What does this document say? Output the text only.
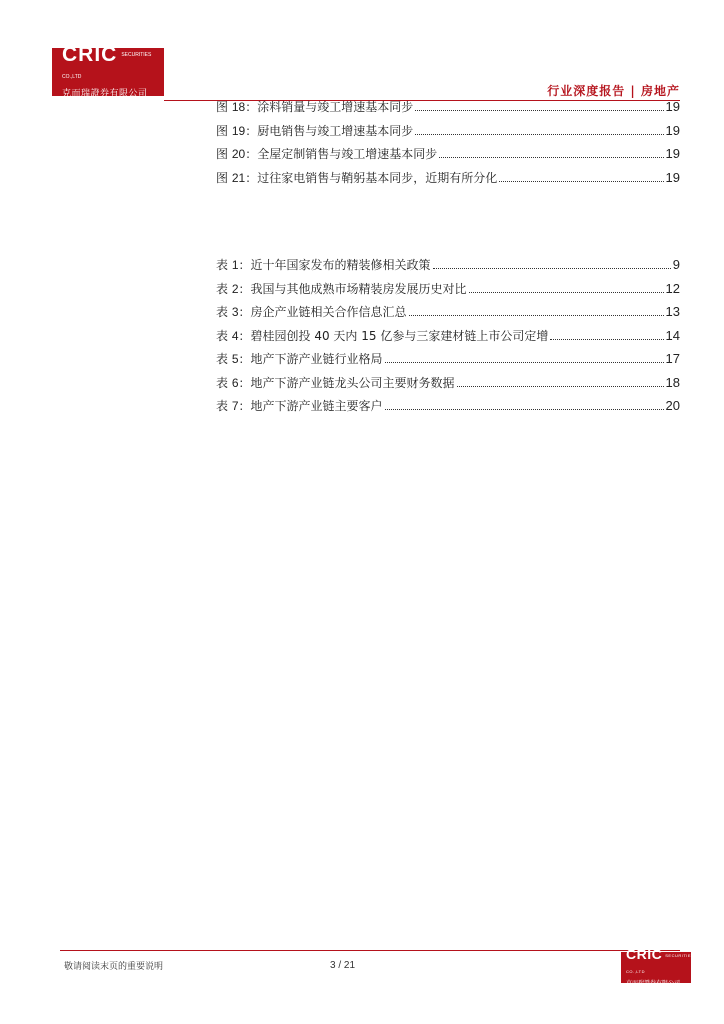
CRIC SECURITIES CO.,LTD
克而瑞證券有限公司	行业深度报告 | 房地产
图 18：涂料销量与竣工增速基本同步	19
图 19：厨电销售与竣工增速基本同步	19
图 20：全屋定制销售与竣工增速基本同步	19
图 21：过往家电销售与鞘躬基本同步，近期有所分化	19
表 1：近十年国家发布的精装修相关政策	9
表 2：我国与其他成熟市场精装房发展历史对比	12
表 3：房企产业链相关合作信息汇总	13
表 4：碧桂园创投 40 天内 15 亿参与三家建材链上市公司定增	14
表 5：地产下游产业链行业格局	17
表 6：地产下游产业链龙头公司主要财务数据	18
表 7：地产下游产业链主要客户	20
敬请阅读末页的重要说明	3 / 21
CRIC SECURITIES CO.,LTD
克而瑞證券有限公司
